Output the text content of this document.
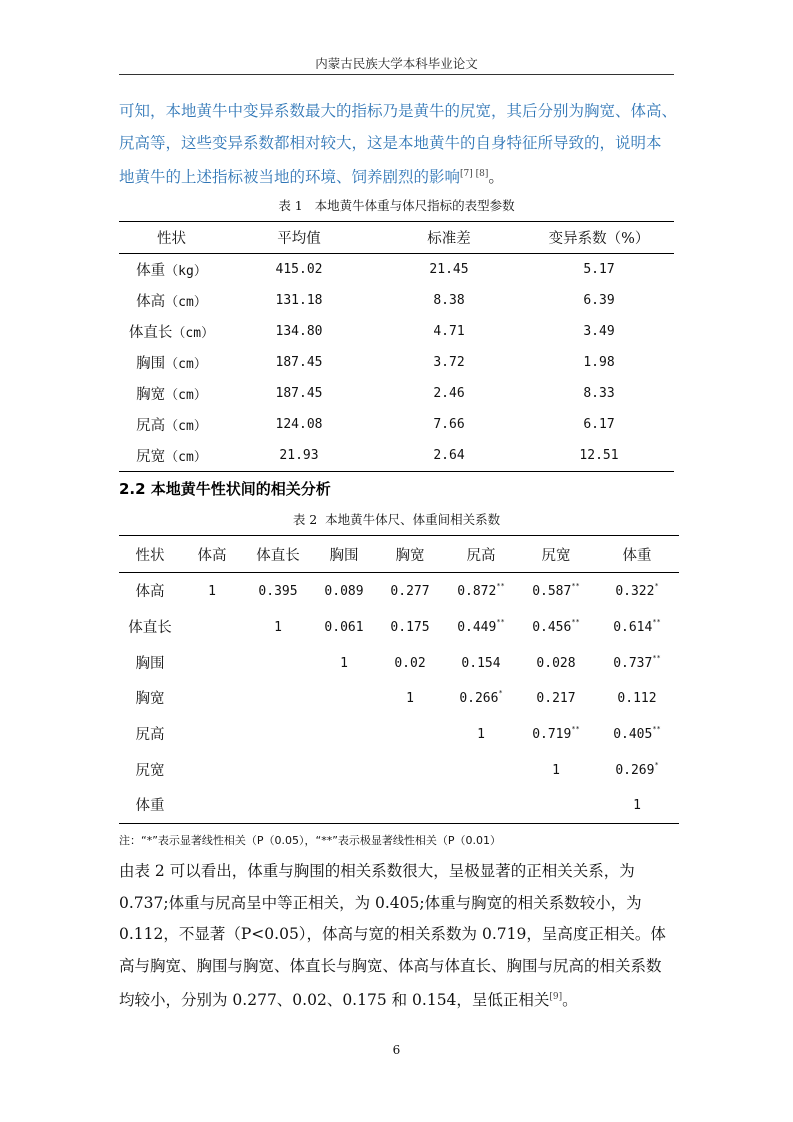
内蒙古民族大学本科毕业论文
可知，本地黄牛中变异系数最大的指标乃是黄牛的尻宽，其后分别为胸宽、体高、
尻高等，这些变异系数都相对较大，这是本地黄牛的自身特征所导致的，说明本
地黄牛的上述指标被当地的环境、饲养剧烈的影响[7] [8]。
表 1   本地黄牛体重与体尺指标的表型参数
性状	平均值	标准差	变异系数（%）
体重（kg）	415.02	21.45	5.17
体高（cm）	131.18	8.38	6.39
体直长（cm）	134.80	4.71	3.49
胸围（cm）	187.45	3.72	1.98
胸宽（cm）	187.45	2.46	8.33
尻高（cm）	124.08	7.66	6.17
尻宽（cm）	21.93	2.64	12.51
2.2 本地黄牛性状间的相关分析
表 2  本地黄牛体尺、体重间相关系数
性状	体高	体直长	胸围	胸宽	尻高	尻宽	体重
体高	1	0.395	0.089	0.277	0.872**	0.587**	0.322*
体直长		1	0.061	0.175	0.449**	0.456**	0.614**
胸围			1	0.02	0.154	0.028	0.737**
胸宽				1	0.266*	0.217	0.112
尻高					1	0.719**	0.405**
尻宽						1	0.269*
体重							1
注：“*”表示显著线性相关（P（0.05），“**”表示极显著线性相关（P（0.01）
由表 2 可以看出，体重与胸围的相关系数很大，呈极显著的正相关关系，为
0.737;体重与尻高呈中等正相关，为 0.405;体重与胸宽的相关系数较小，为
0.112，不显著（P<0.05），体高与宽的相关系数为 0.719，呈高度正相关。体
高与胸宽、胸围与胸宽、体直长与胸宽、体高与体直长、胸围与尻高的相关系数
均较小，分别为 0.277、0.02、0.175 和 0.154，呈低正相关[9]。
6
